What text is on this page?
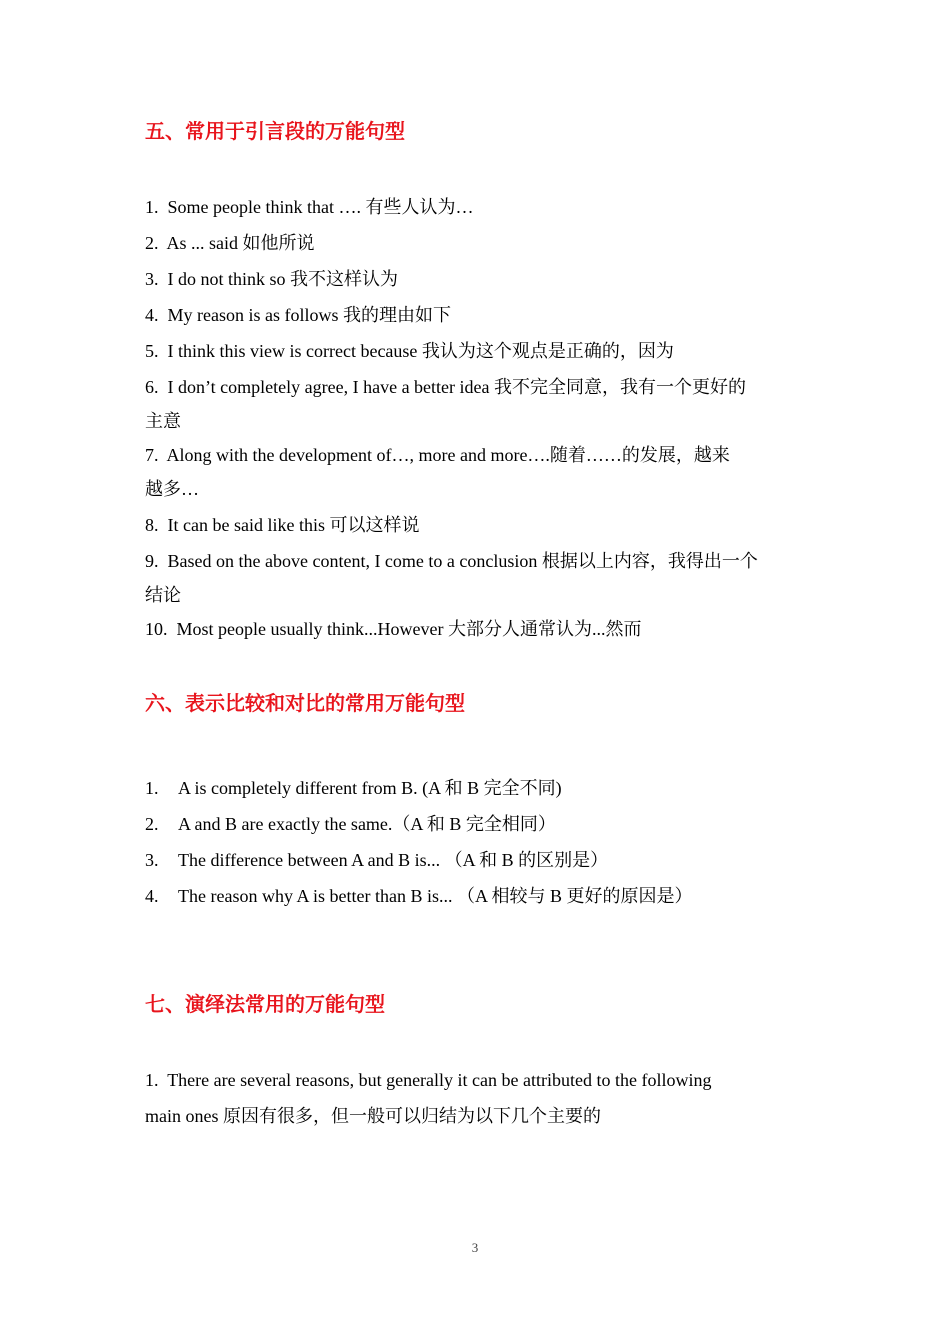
五、常用于引言段的万能句型
1. Some people think that …. 有些人认为…
2. As ... said 如他所说
3. I do not think so 我不这样认为
4. My reason is as follows 我的理由如下
5. I think this view is correct because 我认为这个观点是正确的，因为
6. I don’t completely agree, I have a better idea 我不完全同意，我有一个更好的
主意
7. Along with the development of…, more and more….随着……的发展，越来
越多…
8. It can be said like this 可以这样说
9. Based on the above content, I come to a conclusion 根据以上内容，我得出一个
结论
10. Most people usually think...However 大部分人通常认为...然而
六、表示比较和对比的常用万能句型
1. A is completely different from B. (A 和 B 完全不同)
2. A and B are exactly the same.（A 和 B 完全相同）
3. The difference between A and B is... （A 和 B 的区别是）
4. The reason why A is better than B is... （A 相较与 B 更好的原因是）
七、演绎法常用的万能句型
1. There are several reasons, but generally it can be attributed to the following
main ones 原因有很多，但一般可以归结为以下几个主要的
3
